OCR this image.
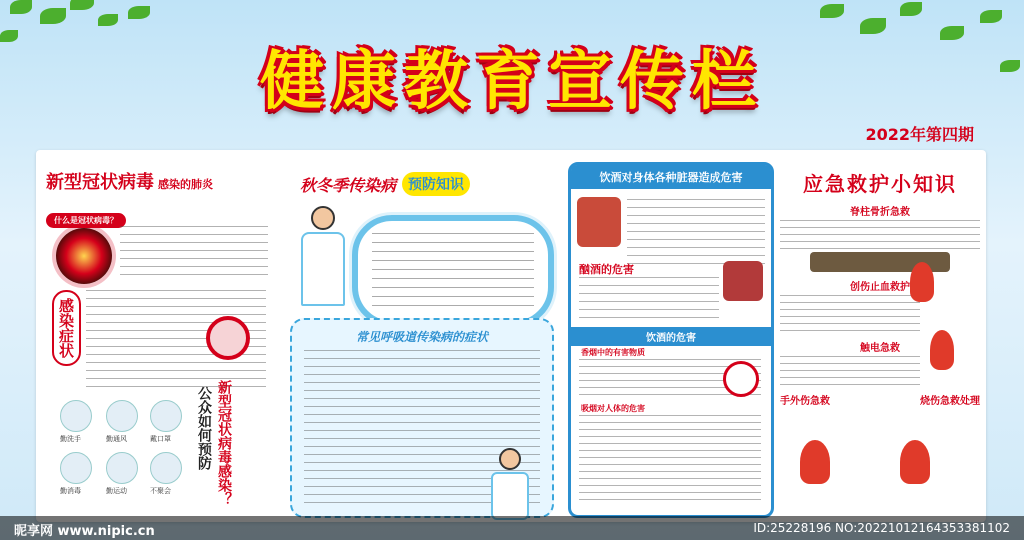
健康教育宣传栏
2022年第四期
新型冠状病毒 感染的肺炎
什么是冠状病毒？
感染症状
新型冠状病毒感染？
公众如何预防
勤洗手	勤通风	戴口罩
勤消毒	勤运动	不聚会
秋冬季传染病 预防知识
常见呼吸道传染病的症状
饮酒对身体各种脏器造成危害
酗酒的危害
饮酒的危害
香烟中的有害物质
吸烟对人体的危害
应急救护小知识
脊柱骨折急救
创伤止血救护
触电急救
手外伤急救	烧伤急救处理
昵享网 www.nipic.cn	ID:25228196 NO:20221012164353381102
